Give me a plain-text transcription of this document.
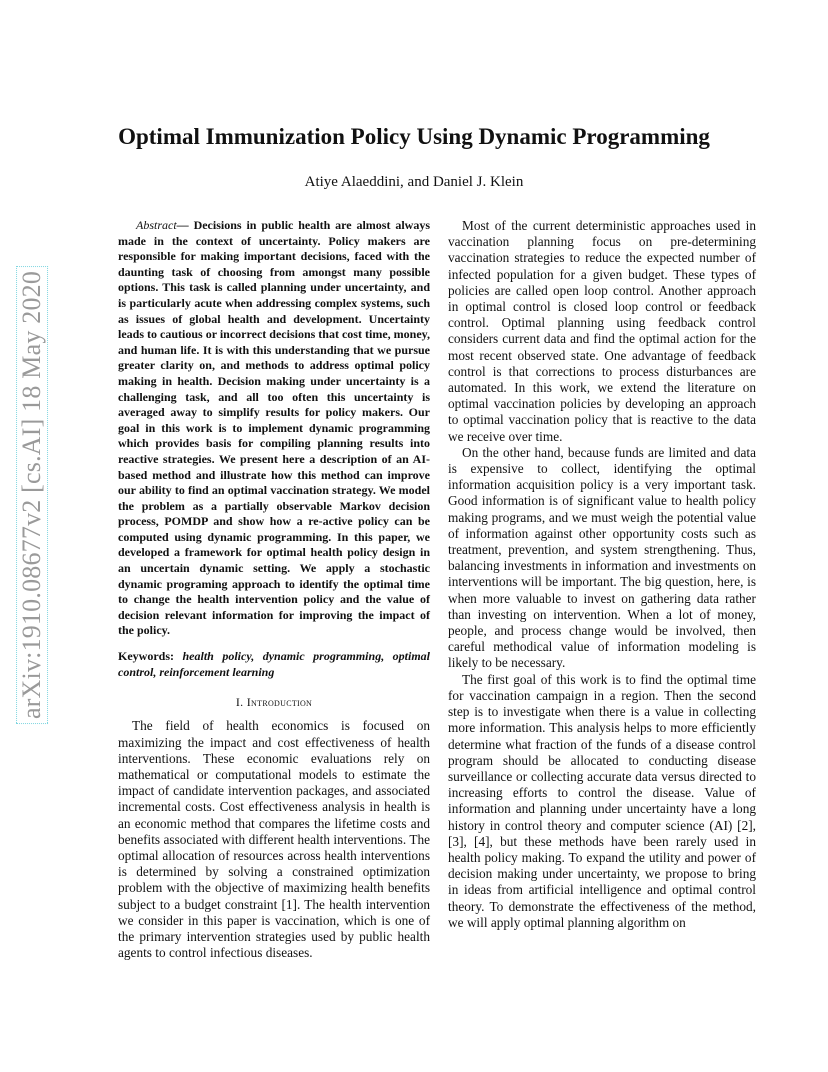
arXiv:1910.08677v2 [cs.AI] 18 May 2020
Optimal Immunization Policy Using Dynamic Programming
Atiye Alaeddini, and Daniel J. Klein

Abstract— Decisions in public health are almost always made in the context of uncertainty. Policy makers are responsible for making important decisions, faced with the daunting task of choosing from amongst many possible options. This task is called planning under uncertainty, and is particularly acute when addressing complex systems, such as issues of global health and development. Uncertainty leads to cautious or incorrect decisions that cost time, money, and human life. It is with this understanding that we pursue greater clarity on, and methods to address optimal policy making in health. Decision making under uncertainty is a challenging task, and all too often this uncertainty is averaged away to simplify results for policy makers. Our goal in this work is to implement dynamic programming which provides basis for compiling planning results into reactive strategies. We present here a description of an AI-based method and illustrate how this method can improve our ability to find an optimal vaccination strategy. We model the problem as a partially observable Markov decision process, POMDP and show how a re-active policy can be computed using dynamic programming. In this paper, we developed a framework for optimal health policy design in an uncertain dynamic setting. We apply a stochastic dynamic programing approach to identify the optimal time to change the health intervention policy and the value of decision relevant information for improving the impact of the policy.

Keywords: health policy, dynamic programming, optimal control, reinforcement learning

I. Introduction

The field of health economics is focused on maximizing the impact and cost effectiveness of health interventions. These economic evaluations rely on mathematical or computational models to estimate the impact of candidate intervention packages, and associated incremental costs. Cost effectiveness analysis in health is an economic method that compares the lifetime costs and benefits associated with different health interventions. The optimal allocation of resources across health interventions is determined by solving a constrained optimization problem with the objective of maximizing health benefits subject to a budget constraint [1]. The health intervention we consider in this paper is vaccination, which is one of the primary intervention strategies used by public health agents to control infectious diseases.

Most of the current deterministic approaches used in vaccination planning focus on pre-determining vaccination strategies to reduce the expected number of infected population for a given budget. These types of policies are called open loop control. Another approach in optimal control is closed loop control or feedback control. Optimal planning using feedback control considers current data and find the optimal action for the most recent observed state. One advantage of feedback control is that corrections to process disturbances are automated. In this work, we extend the literature on optimal vaccination policies by developing an approach to optimal vaccination policy that is reactive to the data we receive over time.

On the other hand, because funds are limited and data is expensive to collect, identifying the optimal information acquisition policy is a very important task. Good information is of significant value to health policy making programs, and we must weigh the potential value of information against other opportunity costs such as treatment, prevention, and system strengthening. Thus, balancing investments in information and investments on interventions will be important. The big question, here, is when more valuable to invest on gathering data rather than investing on intervention. When a lot of money, people, and process change would be involved, then careful methodical value of information modeling is likely to be necessary.

The first goal of this work is to find the optimal time for vaccination campaign in a region. Then the second step is to investigate when there is a value in collecting more information. This analysis helps to more efficiently determine what fraction of the funds of a disease control program should be allocated to conducting disease surveillance or collecting accurate data versus directed to increasing efforts to control the disease. Value of information and planning under uncertainty have a long history in control theory and computer science (AI) [2], [3], [4], but these methods have been rarely used in health policy making. To expand the utility and power of decision making under uncertainty, we propose to bring in ideas from artificial intelligence and optimal control theory. To demonstrate the effectiveness of the method, we will apply optimal planning algorithm on
